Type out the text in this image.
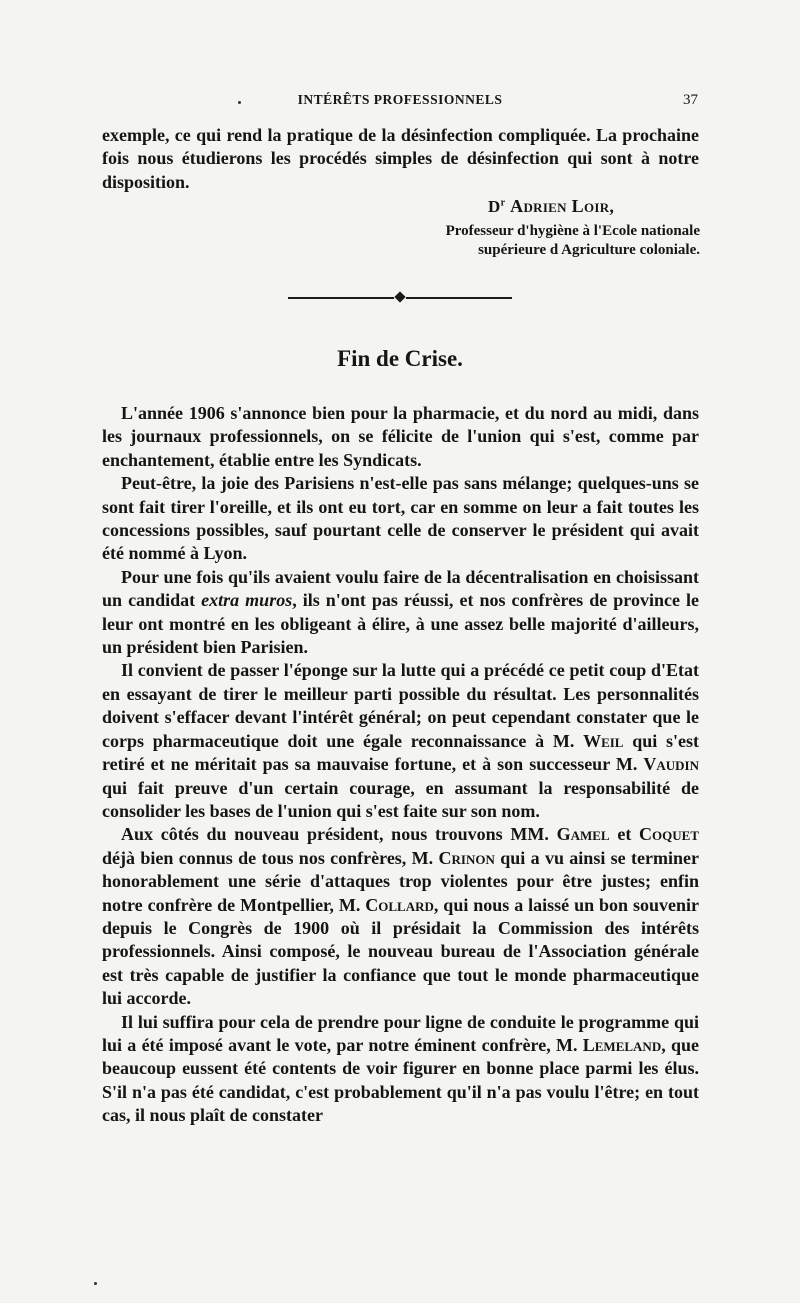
INTÉRÊTS PROFESSIONNELS	37

exemple, ce qui rend la pratique de la désinfection compliquée. La prochaine fois nous étudierons les procédés simples de désinfection qui sont à notre disposition.

$D^r$ Adrien Loir,
Professeur d'hygiène à l'Ecole nationale
supérieure d Agriculture coloniale.
Fin de Crise.

L'année 1906 s'annonce bien pour la pharmacie, et du nord au midi, dans les journaux professionnels, on se félicite de l'union qui s'est, comme par enchantement, établie entre les Syndicats.

Peut-être, la joie des Parisiens n'est-elle pas sans mélange; quelques-uns se sont fait tirer l'oreille, et ils ont eu tort, car en somme on leur a fait toutes les concessions possibles, sauf pourtant celle de conserver le président qui avait été nommé à Lyon.

Pour une fois qu'ils avaient voulu faire de la décentralisation en choisissant un candidat extra muros, ils n'ont pas réussi, et nos confrères de province le leur ont montré en les obligeant à élire, à une assez belle majorité d'ailleurs, un président bien Parisien.

Il convient de passer l'éponge sur la lutte qui a précédé ce petit coup d'Etat en essayant de tirer le meilleur parti possible du résultat. Les personnalités doivent s'effacer devant l'intérêt général; on peut cependant constater que le corps pharmaceutique doit une égale reconnaissance à M. Weil qui s'est retiré et ne méritait pas sa mauvaise fortune, et à son successeur M. Vaudin qui fait preuve d'un certain courage, en assumant la responsabilité de consolider les bases de l'union qui s'est faite sur son nom.

Aux côtés du nouveau président, nous trouvons MM. Gamel et Coquet déjà bien connus de tous nos confrères, M. Crinon qui a vu ainsi se terminer honorablement une série d'attaques trop violentes pour être justes; enfin notre confrère de Montpellier, M. Collard, qui nous a laissé un bon souvenir depuis le Congrès de 1900 où il présidait la Commission des intérêts professionnels. Ainsi composé, le nouveau bureau de l'Association générale est très capable de justifier la confiance que tout le monde pharmaceutique lui accorde.

Il lui suffira pour cela de prendre pour ligne de conduite le programme qui lui a été imposé avant le vote, par notre éminent confrère, M. Lemeland, que beaucoup eussent été contents de voir figurer en bonne place parmi les élus. S'il n'a pas été candidat, c'est probablement qu'il n'a pas voulu l'être; en tout cas, il nous plaît de constater
